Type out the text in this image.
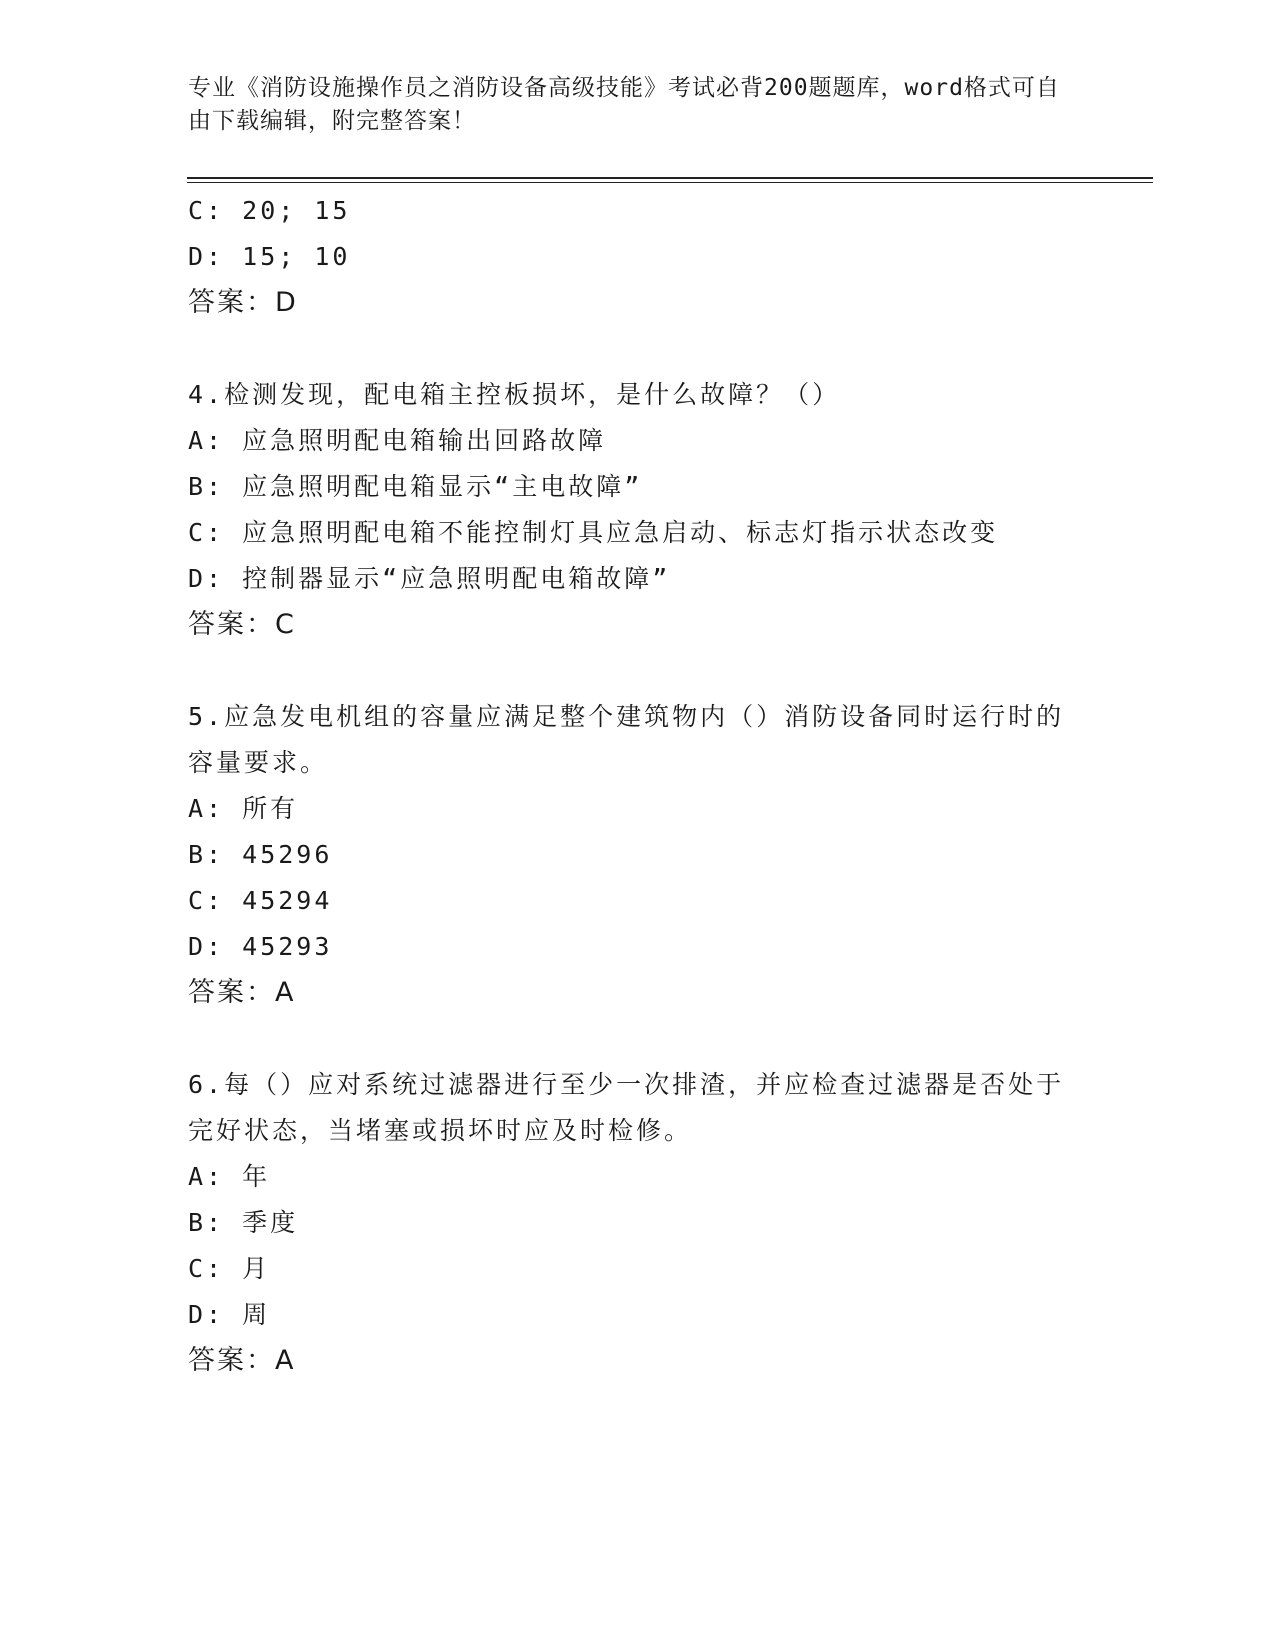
专业《消防设施操作员之消防设备高级技能》考试必背200题题库，word格式可自由下载编辑，附完整答案！
C: 20; 15
D: 15; 10
答案：D
4.检测发现，配电箱主控板损坏，是什么故障？（）
A: 应急照明配电箱输出回路故障
B: 应急照明配电箱显示“主电故障”
C: 应急照明配电箱不能控制灯具应急启动、标志灯指示状态改变
D: 控制器显示“应急照明配电箱故障”
答案：C
5.应急发电机组的容量应满足整个建筑物内（）消防设备同时运行时的容量要求。
A: 所有
B: 45296
C: 45294
D: 45293
答案：A
6.每（）应对系统过滤器进行至少一次排渣，并应检查过滤器是否处于完好状态，当堵塞或损坏时应及时检修。
A: 年
B: 季度
C: 月
D: 周
答案：A
